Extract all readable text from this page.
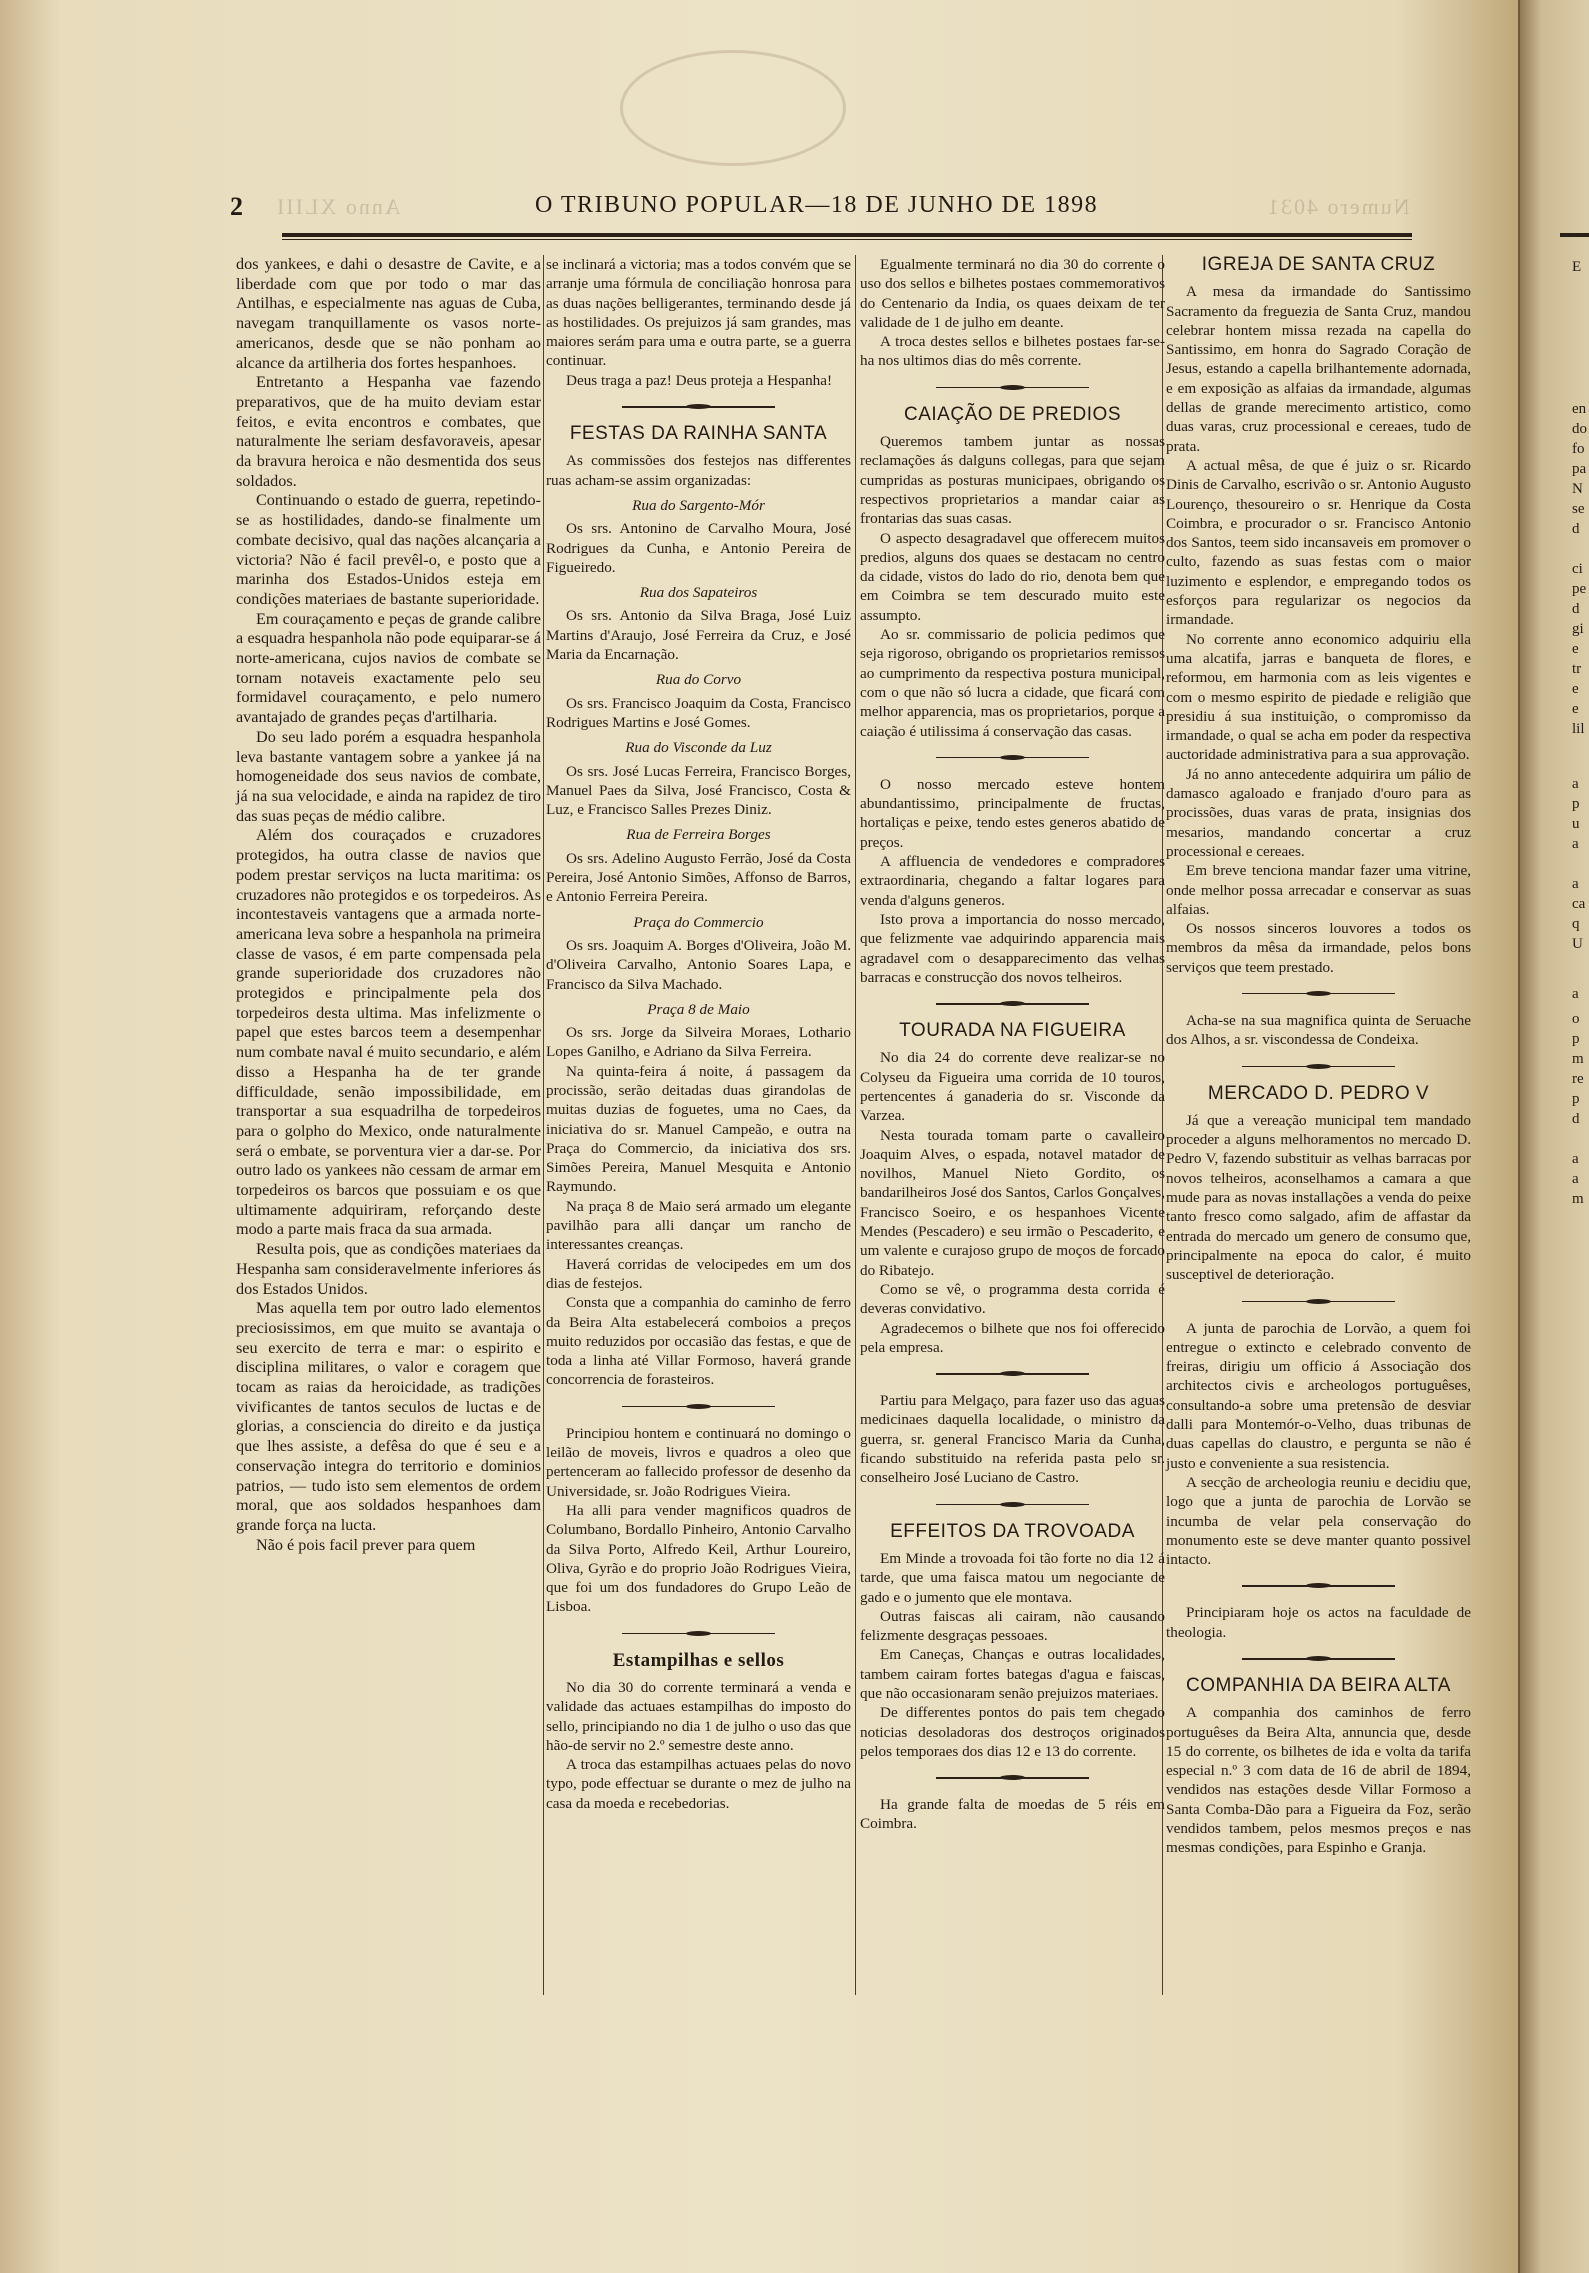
2 Anno XLIII	O TRIBUNO POPULAR—18 DE JUNHO DE 1898	Numero 4031

dos yankees, e dahi o desastre de Cavite, e a liberdade com que por todo o mar das Antilhas, e especialmente nas aguas de Cuba, navegam tranquillamente os vasos norte-americanos, desde que se não ponham ao alcance da artilheria dos fortes hespanhoes.

Entretanto a Hespanha vae fazendo preparativos, que de ha muito deviam estar feitos, e evita encontros e combates, que naturalmente lhe seriam desfavoraveis, apesar da bravura heroica e não desmentida dos seus soldados.

Continuando o estado de guerra, repetindo-se as hostilidades, dando-se finalmente um combate decisivo, qual das nações alcançaria a victoria? Não é facil prevêl-o, e posto que a marinha dos Estados-Unidos esteja em condições materiaes de bastante superioridade.

Em couraçamento e peças de grande calibre a esquadra hespanhola não pode equiparar-se á norte-americana, cujos navios de combate se tornam notaveis exactamente pelo seu formidavel couraçamento, e pelo numero avantajado de grandes peças d'artilharia.

Do seu lado porém a esquadra hespanhola leva bastante vantagem sobre a yankee já na homogeneidade dos seus navios de combate, já na sua velocidade, e ainda na rapidez de tiro das suas peças de médio calibre.

Além dos couraçados e cruzadores protegidos, ha outra classe de navios que podem prestar serviços na lucta maritima: os cruzadores não protegidos e os torpedeiros. As incontestaveis vantagens que a armada norte-americana leva sobre a hespanhola na primeira classe de vasos, é em parte compensada pela grande superioridade dos cruzadores não protegidos e principalmente pela dos torpedeiros desta ultima. Mas infelizmente o papel que estes barcos teem a desempenhar num combate naval é muito secundario, e além disso a Hespanha ha de ter grande difficuldade, senão impossibilidade, em transportar a sua esquadrilha de torpedeiros para o golpho do Mexico, onde naturalmente será o embate, se porventura vier a dar-se. Por outro lado os yankees não cessam de armar em torpedeiros os barcos que possuiam e os que ultimamente adquiriram, reforçando deste modo a parte mais fraca da sua armada.

Resulta pois, que as condições materiaes da Hespanha sam consideravelmente inferiores ás dos Estados Unidos.

Mas aquella tem por outro lado elementos preciosissimos, em que muito se avantaja o seu exercito de terra e mar: o espirito e disciplina militares, o valor e coragem que tocam as raias da heroicidade, as tradições vivificantes de tantos seculos de luctas e de glorias, a consciencia do direito e da justiça que lhes assiste, a defêsa do que é seu e a conservação integra do territorio e dominios patrios, — tudo isto sem elementos de ordem moral, que aos soldados hespanhoes dam grande força na lucta.

Não é pois facil prever para quem

se inclinará a victoria; mas a todos convém que se arranje uma fórmula de conciliação honrosa para as duas nações belligerantes, terminando desde já as hostilidades. Os prejuizos já sam grandes, mas maiores serám para uma e outra parte, se a guerra continuar.

Deus traga a paz! Deus proteja a Hespanha!

FESTAS DA RAINHA SANTA

As commissões dos festejos nas differentes ruas acham-se assim organizadas:

Rua do Sargento-Mór

Os srs. Antonino de Carvalho Moura, José Rodrigues da Cunha, e Antonio Pereira de Figueiredo.

Rua dos Sapateiros

Os srs. Antonio da Silva Braga, José Luiz Martins d'Araujo, José Ferreira da Cruz, e José Maria da Encarnação.

Rua do Corvo

Os srs. Francisco Joaquim da Costa, Francisco Rodrigues Martins e José Gomes.

Rua do Visconde da Luz

Os srs. José Lucas Ferreira, Francisco Borges, Manuel Paes da Silva, José Francisco, Costa & Luz, e Francisco Salles Prezes Diniz.

Rua de Ferreira Borges

Os srs. Adelino Augusto Ferrão, José da Costa Pereira, José Antonio Simões, Affonso de Barros, e Antonio Ferreira Pereira.

Praça do Commercio

Os srs. Joaquim A. Borges d'Oliveira, João M. d'Oliveira Carvalho, Antonio Soares Lapa, e Francisco da Silva Machado.

Praça 8 de Maio

Os srs. Jorge da Silveira Moraes, Lothario Lopes Ganilho, e Adriano da Silva Ferreira.

Na quinta-feira á noite, á passagem da procissão, serão deitadas duas girandolas de muitas duzias de foguetes, uma no Caes, da iniciativa do sr. Manuel Campeão, e outra na Praça do Commercio, da iniciativa dos srs. Simões Pereira, Manuel Mesquita e Antonio Raymundo.

Na praça 8 de Maio será armado um elegante pavilhão para alli dançar um rancho de interessantes creanças.

Haverá corridas de velocipedes em um dos dias de festejos.

Consta que a companhia do caminho de ferro da Beira Alta estabelecerá comboios a preços muito reduzidos por occasião das festas, e que de toda a linha até Villar Formoso, haverá grande concorrencia de forasteiros.

Principiou hontem e continuará no domingo o leilão de moveis, livros e quadros a oleo que pertenceram ao fallecido professor de desenho da Universidade, sr. João Rodrigues Vieira.

Ha alli para vender magnificos quadros de Columbano, Bordallo Pinheiro, Antonio Carvalho da Silva Porto, Alfredo Keil, Arthur Loureiro, Oliva, Gyrão e do proprio João Rodrigues Vieira, que foi um dos fundadores do Grupo Leão de Lisboa.

Estampilhas e sellos

No dia 30 do corrente terminará a venda e validade das actuaes estampilhas do imposto do sello, principiando no dia 1 de julho o uso das que hão-de servir no 2.º semestre deste anno.

A troca das estampilhas actuaes pelas do novo typo, pode effectuar se durante o mez de julho na casa da moeda e recebedorias.

Egualmente terminará no dia 30 do corrente o uso dos sellos e bilhetes postaes commemorativos do Centenario da India, os quaes deixam de ter validade de 1 de julho em deante.

A troca destes sellos e bilhetes postaes far-se-ha nos ultimos dias do mês corrente.

CAIAÇÃO DE PREDIOS

Queremos tambem juntar as nossas reclamações ás dalguns collegas, para que sejam cumpridas as posturas municipaes, obrigando os respectivos proprietarios a mandar caiar as frontarias das suas casas.

O aspecto desagradavel que offerecem muitos predios, alguns dos quaes se destacam no centro da cidade, vistos do lado do rio, denota bem que em Coimbra se tem descurado muito este assumpto.

Ao sr. commissario de policia pedimos que seja rigoroso, obrigando os proprietarios remissos ao cumprimento da respectiva postura municipal, com o que não só lucra a cidade, que ficará com melhor apparencia, mas os proprietarios, porque a caiação é utilissima á conservação das casas.

O nosso mercado esteve hontem abundantissimo, principalmente de fructas, hortaliças e peixe, tendo estes generos abatido de preços.

A affluencia de vendedores e compradores extraordinaria, chegando a faltar logares para venda d'alguns generos.

Isto prova a importancia do nosso mercado, que felizmente vae adquirindo apparencia mais agradavel com o desapparecimento das velhas barracas e construcção dos novos telheiros.

TOURADA NA FIGUEIRA

No dia 24 do corrente deve realizar-se no Colyseu da Figueira uma corrida de 10 touros, pertencentes á ganaderia do sr. Visconde da Varzea.

Nesta tourada tomam parte o cavalleiro Joaquim Alves, o espada, notavel matador de novilhos, Manuel Nieto Gordito, os bandarilheiros José dos Santos, Carlos Gonçalves, Francisco Soeiro, e os hespanhoes Vicente Mendes (Pescadero) e seu irmão o Pescaderito, e um valente e curajoso grupo de moços de forcado do Ribatejo.

Como se vê, o programma desta corrida é deveras convidativo.

Agradecemos o bilhete que nos foi offerecido pela empresa.

Partiu para Melgaço, para fazer uso das aguas medicinaes daquella localidade, o ministro da guerra, sr. general Francisco Maria da Cunha, ficando substituido na referida pasta pelo sr. conselheiro José Luciano de Castro.

EFFEITOS DA TROVOADA

Em Minde a trovoada foi tão forte no dia 12 á tarde, que uma faisca matou um negociante de gado e o jumento que ele montava.

Outras faiscas ali cairam, não causando felizmente desgraças pessoaes.

Em Caneças, Chanças e outras localidades, tambem cairam fortes bategas d'agua e faiscas, que não occasionaram senão prejuizos materiaes.

De differentes pontos do pais tem chegado noticias desoladoras dos destroços originados pelos temporaes dos dias 12 e 13 do corrente.

Ha grande falta de moedas de 5 réis em Coimbra.

IGREJA DE SANTA CRUZ

A mesa da irmandade do Santissimo Sacramento da freguezia de Santa Cruz, mandou celebrar hontem missa rezada na capella do Santissimo, em honra do Sagrado Coração de Jesus, estando a capella brilhantemente adornada, e em exposição as alfaias da irmandade, algumas dellas de grande merecimento artistico, como duas varas, cruz processional e cereaes, tudo de prata.

A actual mêsa, de que é juiz o sr. Ricardo Dinis de Carvalho, escrivão o sr. Antonio Augusto Lourenço, thesoureiro o sr. Henrique da Costa Coimbra, e procurador o sr. Francisco Antonio dos Santos, teem sido incansaveis em promover o culto, fazendo as suas festas com o maior luzimento e esplendor, e empregando todos os esforços para regularizar os negocios da irmandade.

No corrente anno economico adquiriu ella uma alcatifa, jarras e banqueta de flores, e reformou, em harmonia com as leis vigentes e com o mesmo espirito de piedade e religião que presidiu á sua instituição, o compromisso da irmandade, o qual se acha em poder da respectiva auctoridade administrativa para a sua approvação.

Já no anno antecedente adquirira um pálio de damasco agaloado e franjado d'ouro para as procissões, duas varas de prata, insignias dos mesarios, mandando concertar a cruz processional e cereaes.

Em breve tenciona mandar fazer uma vitrine, onde melhor possa arrecadar e conservar as suas alfaias.

Os nossos sinceros louvores a todos os membros da mêsa da irmandade, pelos bons serviços que teem prestado.

Acha-se na sua magnifica quinta de Seruache dos Alhos, a sr. viscondessa de Condeixa.

MERCADO D. PEDRO V

Já que a vereação municipal tem mandado proceder a alguns melhoramentos no mercado D. Pedro V, fazendo substituir as velhas barracas por novos telheiros, aconselhamos a camara a que mude para as novas installações a venda do peixe tanto fresco como salgado, afim de affastar da entrada do mercado um genero de consumo que, principalmente na epoca do calor, é muito susceptivel de deterioração.

A junta de parochia de Lorvão, a quem foi entregue o extincto e celebrado convento de freiras, dirigiu um officio á Associação dos architectos civis e archeologos portuguêses, consultando-a sobre uma pretensão de desviar dalli para Montemór-o-Velho, duas tribunas de duas capellas do claustro, e pergunta se não é justo e conveniente a sua resistencia.

A secção de archeologia reuniu e decidiu que, logo que a junta de parochia de Lorvão se incumba de velar pela conservação do monumento este se deve manter quanto possivel intacto.

Principiaram hoje os actos na faculdade de theologia.

COMPANHIA DA BEIRA ALTA

A companhia dos caminhos de ferro portuguêses da Beira Alta, annuncia que, desde 15 do corrente, os bilhetes de ida e volta da tarifa especial n.º 3 com data de 16 de abril de 1894, vendidos nas estações desde Villar Formoso a Santa Comba-Dão para a Figueira da Foz, serão vendidos tambem, pelos mesmos preços e nas mesmas condições, para Espinho e Granja.

E
en
do
fo
pa
N
se
d
ci
pe
d
gi
e
tr
e
e
lil
a
p
u
a
a
ca
q
U
a
o
p
m
re
p
d
a
a
m
